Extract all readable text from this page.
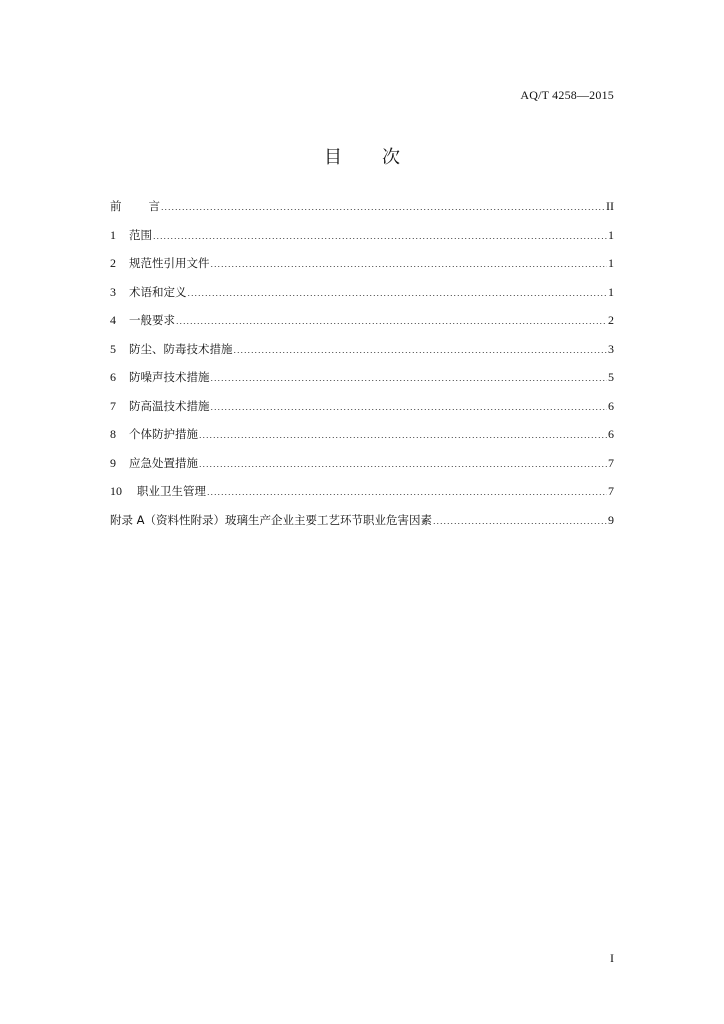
AQ/T 4258—2015
目次
前 言 .....	II
1 范围 .....	1
2 规范性引用文件 .....	1
3 术语和定义 .....	1
4 一般要求 .....	2
5 防尘、防毒技术措施 .....	3
6 防噪声技术措施 .....	5
7 防高温技术措施 .....	6
8 个体防护措施 .....	6
9 应急处置措施 .....	7
10 职业卫生管理 .....	7
附录 A（资料性附录）玻璃生产企业主要工艺环节职业危害因素 .....	9
I
